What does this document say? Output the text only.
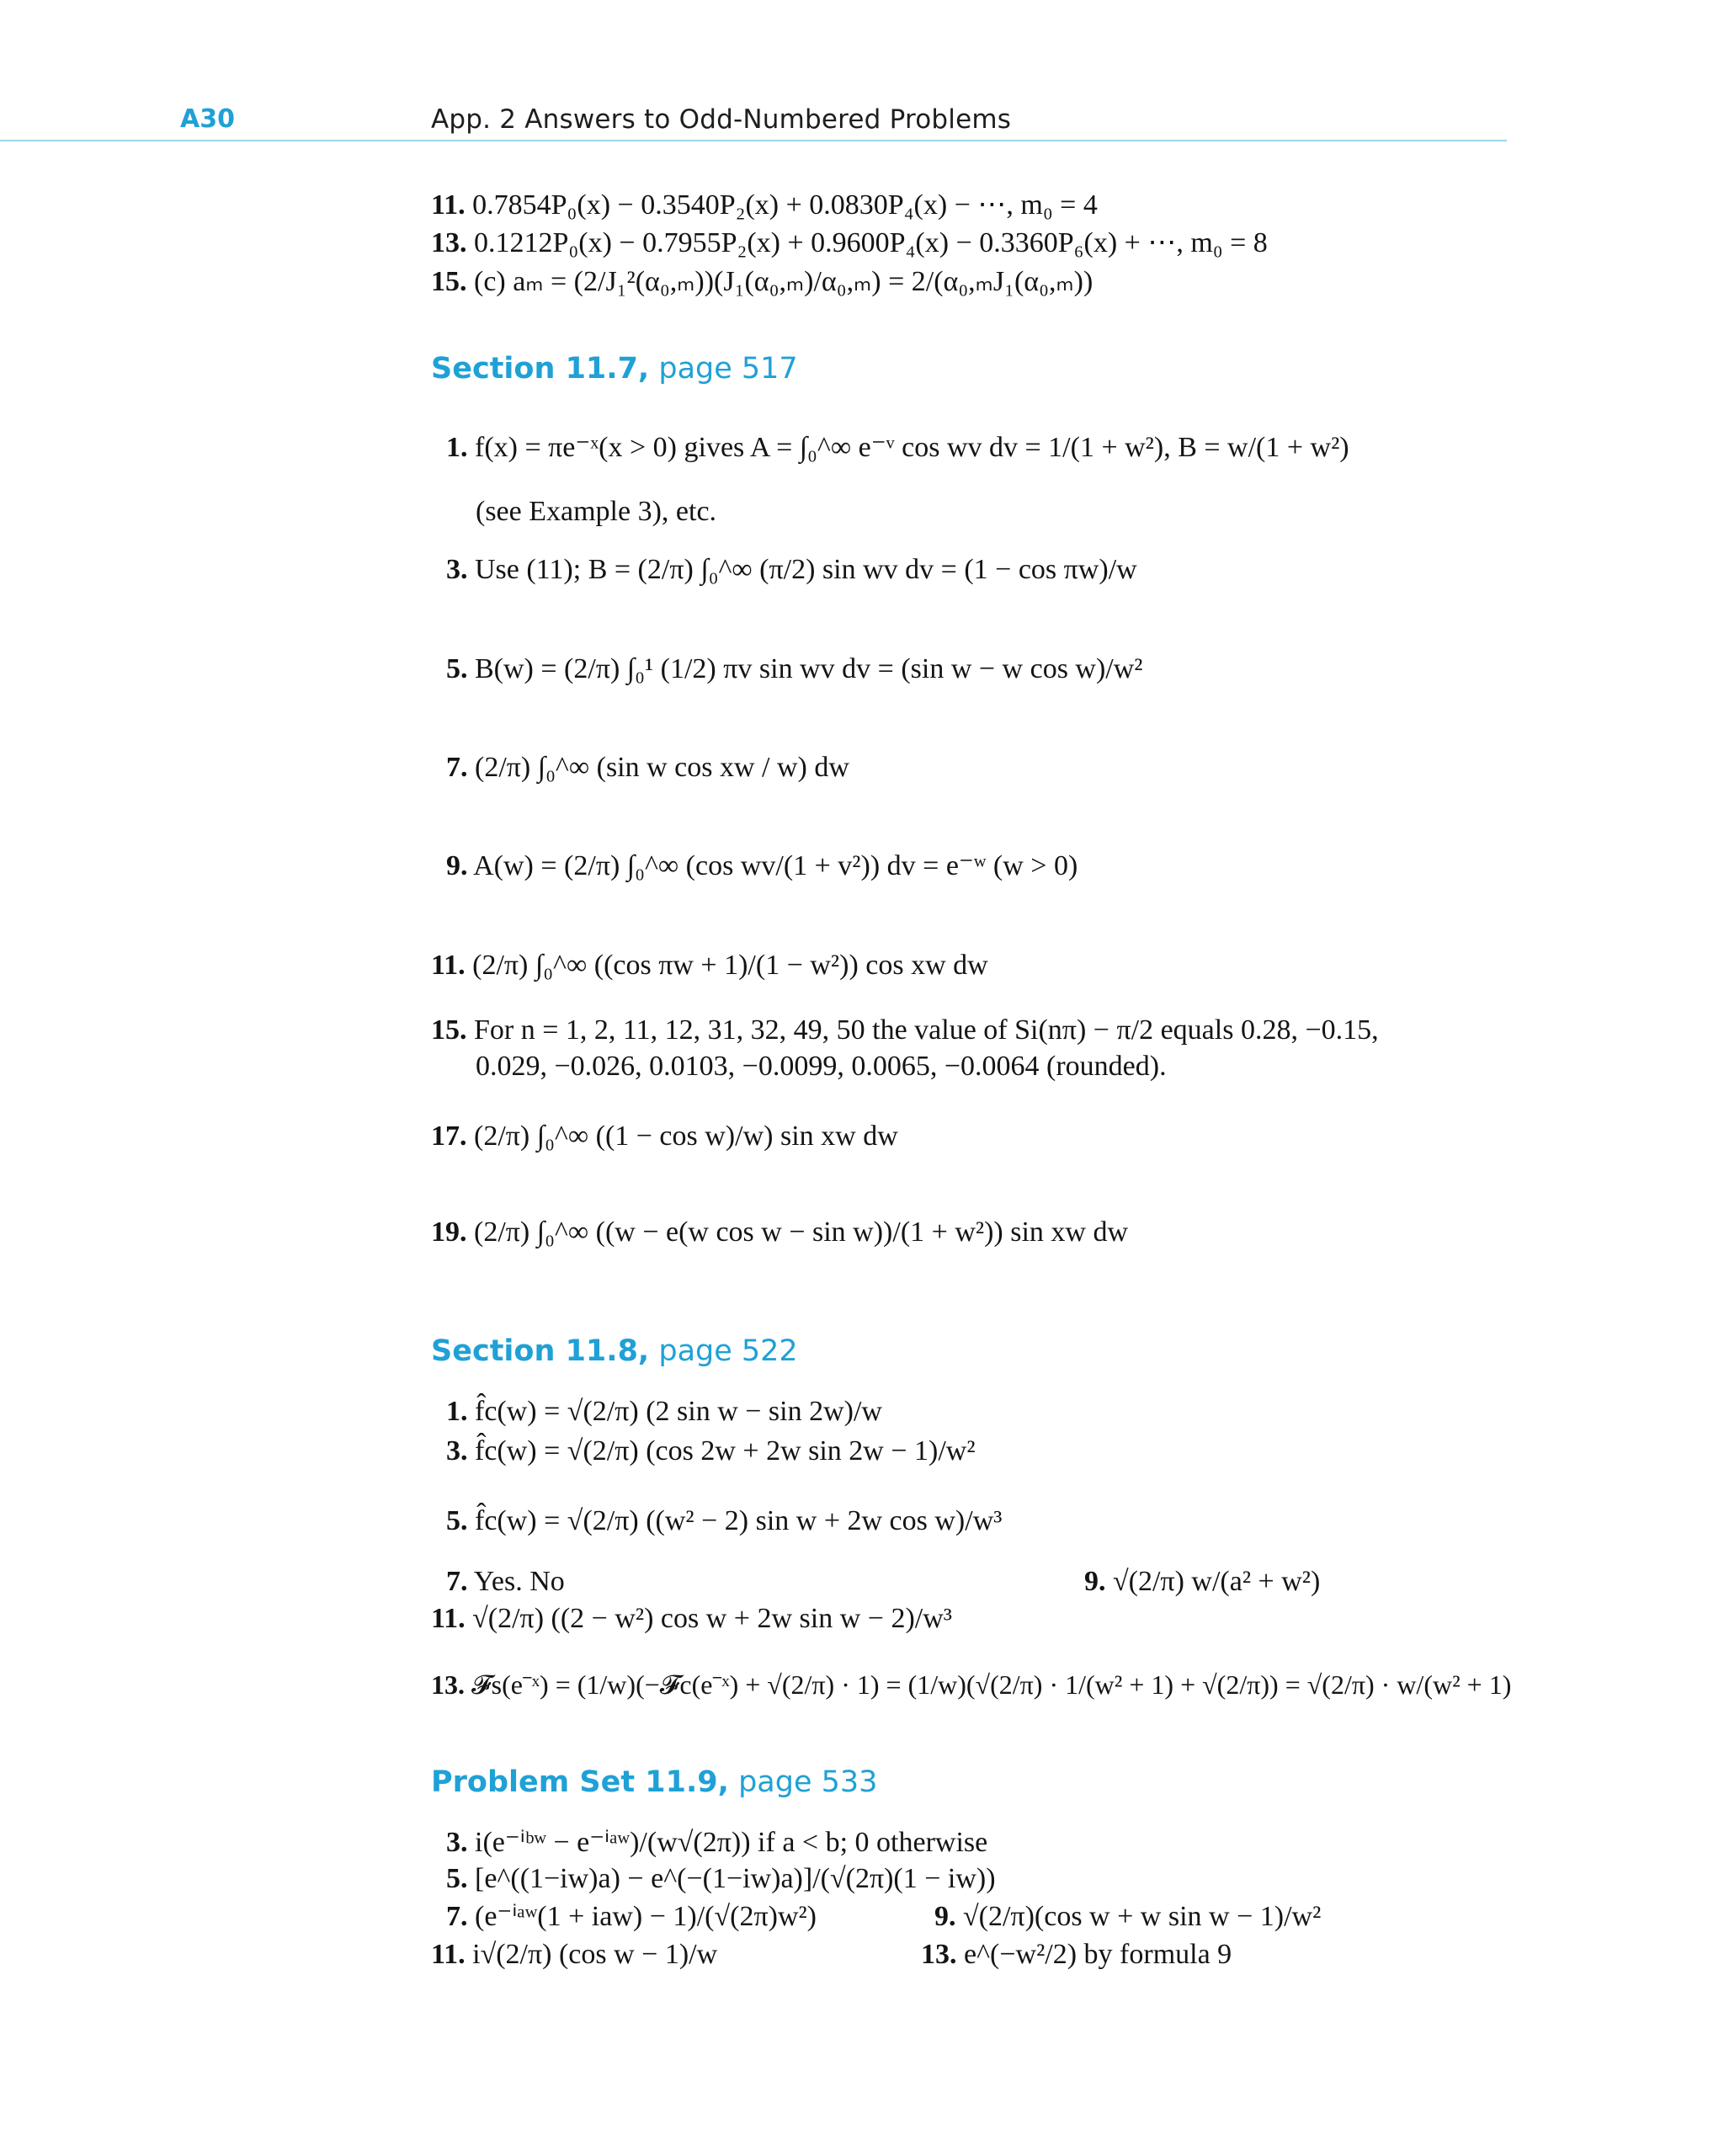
A30	App. 2 Answers to Odd-Numbered Problems
11. 0.7854P₀(x) − 0.3540P₂(x) + 0.0830P₄(x) − ⋯, m₀ = 4
13. 0.1212P₀(x) − 0.7955P₂(x) + 0.9600P₄(x) − 0.3360P₆(x) + ⋯, m₀ = 8
15. (c) aₘ = (2/J₁²(α₀,ₘ))(J₁(α₀,ₘ)/α₀,ₘ) = 2/(α₀,ₘJ₁(α₀,ₘ))
Section 11.7, page 517
1. f(x) = πe⁻ˣ(x > 0) gives A = ∫₀^∞ e⁻ᵛ cos wv dv = 1/(1 + w²), B = w/(1 + w²)
(see Example 3), etc.
3. Use (11); B = (2/π) ∫₀^∞ (π/2) sin wv dv = (1 − cos πw)/w
5. B(w) = (2/π) ∫₀¹ (1/2) πv sin wv dv = (sin w − w cos w)/w²
7. (2/π) ∫₀^∞ (sin w cos xw / w) dw
9. A(w) = (2/π) ∫₀^∞ (cos wv/(1 + v²)) dv = e⁻ʷ (w > 0)
11. (2/π) ∫₀^∞ ((cos πw + 1)/(1 − w²)) cos xw dw
15. For n = 1, 2, 11, 12, 31, 32, 49, 50 the value of Si(nπ) − π/2 equals 0.28, −0.15,
0.029, −0.026, 0.0103, −0.0099, 0.0065, −0.0064 (rounded).
17. (2/π) ∫₀^∞ ((1 − cos w)/w) sin xw dw
19. (2/π) ∫₀^∞ ((w − e(w cos w − sin w))/(1 + w²)) sin xw dw
Section 11.8, page 522
1. f̂c(w) = √(2/π) (2 sin w − sin 2w)/w
3. f̂c(w) = √(2/π) (cos 2w + 2w sin 2w − 1)/w²
5. f̂c(w) = √(2/π) ((w² − 2) sin w + 2w cos w)/w³
7. Yes. No	9. √(2/π) w/(a² + w²)
11. √(2/π) ((2 − w²) cos w + 2w sin w − 2)/w³
13. 𝓕s(e⁻ˣ) = (1/w)(−𝓕c(e⁻ˣ) + √(2/π) · 1) = (1/w)(√(2/π) · 1/(w² + 1) + √(2/π)) = √(2/π) · w/(w² + 1)
Problem Set 11.9, page 533
3. i(e⁻ⁱᵇʷ − e⁻ⁱᵃʷ)/(w√(2π)) if a < b; 0 otherwise
5. [e^((1−iw)a) − e^(−(1−iw)a)]/(√(2π)(1 − iw))
7. (e⁻ⁱᵃʷ(1 + iaw) − 1)/(√(2π)w²)	9. √(2/π)(cos w + w sin w − 1)/w²
11. i√(2/π) (cos w − 1)/w	13. e^(−w²/2) by formula 9
